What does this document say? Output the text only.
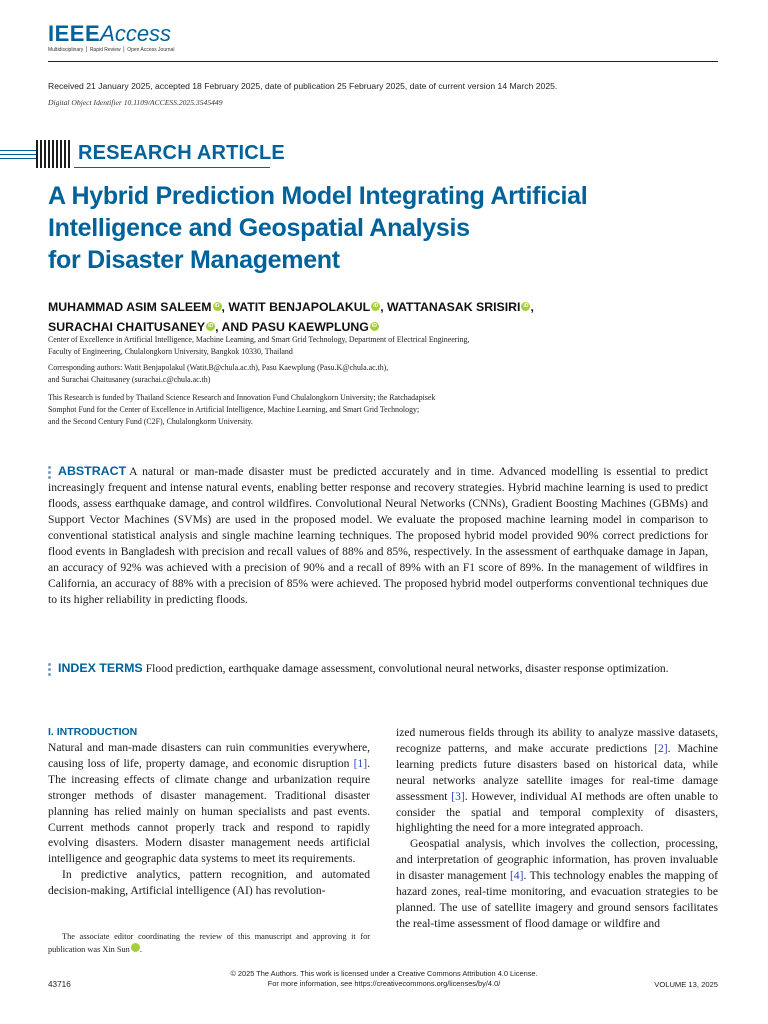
IEEEAccess
Multidisciplinary ⎪ Rapid Review ⎪ Open Access Journal
Received 21 January 2025, accepted 18 February 2025, date of publication 25 February 2025, date of current version 14 March 2025.
Digital Object Identifier 10.1109/ACCESS.2025.3545449
RESEARCH ARTICLE
A Hybrid Prediction Model Integrating Artificial
Intelligence and Geospatial Analysis
for Disaster Management
MUHAMMAD ASIM SALEEM iD , WATIT BENJAPOLAKUL iD , WATTANASAK SRISIRI iD ,
SURACHAI CHAITUSANEY iD , AND PASU KAEWPLUNG iD
Center of Excellence in Artificial Intelligence, Machine Learning, and Smart Grid Technology, Department of Electrical Engineering,
Faculty of Engineering, Chulalongkorn University, Bangkok 10330, Thailand
Corresponding authors: Watit Benjapolakul (Watit.B@chula.ac.th), Pasu Kaewplung (Pasu.K@chula.ac.th),
and Surachai Chaitusaney (surachai.c@chula.ac.th)
This Research is funded by Thailand Science Research and Innovation Fund Chulalongkorn University; the Ratchadapisek
Somphot Fund for the Center of Excellence in Artificial Intelligence, Machine Learning, and Smart Grid Technology;
and the Second Century Fund (C2F), Chulalongkorm University.
ABSTRACT A natural or man-made disaster must be predicted accurately and in time. Advanced modelling is essential to predict increasingly frequent and intense natural events, enabling better response and recovery strategies. Hybrid machine learning is used to predict floods, assess earthquake damage, and control wildfires. Convolutional Neural Networks (CNNs), Gradient Boosting Machines (GBMs) and Support Vector Machines (SVMs) are used in the proposed model. We evaluate the proposed machine learning model in comparison to conventional statistical analysis and single machine learning techniques. The proposed hybrid model provided 90% correct predictions for flood events in Bangladesh with precision and recall values of 88% and 85%, respectively. In the assessment of earthquake damage in Japan, an accuracy of 92% was achieved with a precision of 90% and a recall of 89% with an F1 score of 89%. In the management of wildfires in California, an accuracy of 88% with a precision of 85% were achieved. The proposed hybrid model outperforms conventional techniques due to its higher reliability in predicting floods.
INDEX TERMS Flood prediction, earthquake damage assessment, convolutional neural networks, disaster response optimization.
I. INTRODUCTION

Natural and man-made disasters can ruin communities everywhere, causing loss of life, property damage, and economic disruption [1]. The increasing effects of climate change and urbanization require stronger methods of disaster management. Traditional disaster planning has relied mainly on human specialists and past events. Current methods cannot properly track and respond to rapidly evolving disasters. Modern disaster management needs artificial intelligence and geographic data systems to meet its requirements.

In predictive analytics, pattern recognition, and automated decision-making, Artificial intelligence (AI) has revolution-

ized numerous fields through its ability to analyze massive datasets, recognize patterns, and make accurate predictions [2]. Machine learning predicts future disasters based on historical data, while neural networks analyze satellite images for real-time damage assessment [3]. However, individual AI methods are often unable to consider the spatial and temporal complexity of disasters, highlighting the need for a more integrated approach.

Geospatial analysis, which involves the collection, processing, and interpretation of geographic information, has proven invaluable in disaster management [4]. This technology enables the mapping of hazard zones, real-time monitoring, and evacuation strategies to be planned. The use of satellite imagery and ground sensors facilitates the real-time assessment of flood damage or wildfire and

The associate editor coordinating the review of this manuscript and approving it for publication was Xin Sun	iD.
© 2025 The Authors. This work is licensed under a Creative Commons Attribution 4.0 License.
For more information, see https://creativecommons.org/licenses/by/4.0/
43716	VOLUME 13, 2025
